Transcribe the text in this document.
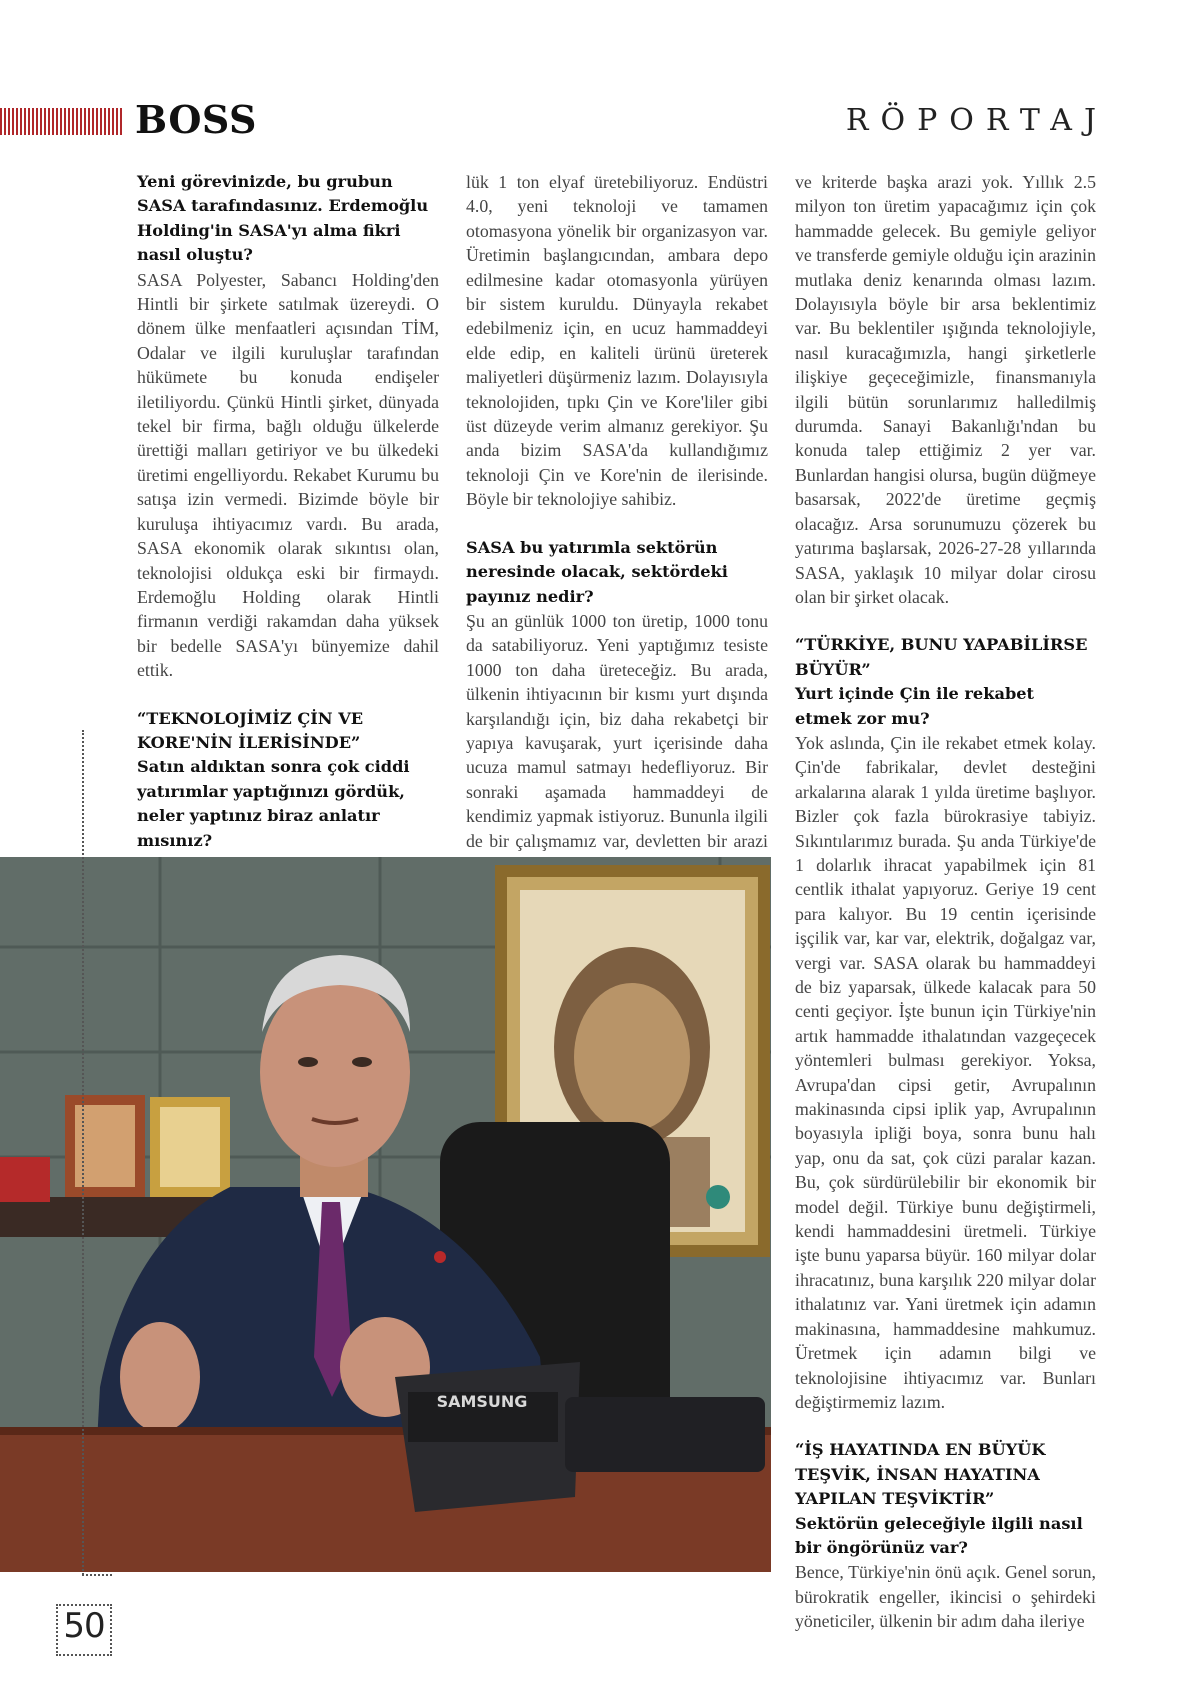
BOSS	RÖPORTAJ

Yeni görevinizde, bu grubun SASA tarafındasınız. Erdemoğlu Holding'in SASA'yı alma fikri nasıl oluştu?

SASA Polyester, Sabancı Holding'den Hintli bir şirkete satılmak üzereydi. O dönem ülke menfaatleri açısından TİM, Odalar ve ilgili kuruluşlar tarafından hükümete bu konuda endişeler iletiliyordu. Çünkü Hintli şirket, dünyada tekel bir firma, bağlı olduğu ülkelerde ürettiği malları getiriyor ve bu ülkedeki üretimi engelliyordu. Rekabet Kurumu bu satışa izin vermedi. Bizimde böyle bir kuruluşa ihtiyacımız vardı. Bu arada, SASA ekonomik olarak sıkıntısı olan, teknolojisi oldukça eski bir firmaydı. Erdemoğlu Holding olarak Hintli firmanın verdiği rakamdan daha yüksek bir bedelle SASA'yı bünyemize dahil ettik.

“TEKNOLOJİMİZ ÇİN VE KORE'NİN İLERİSİNDE”

Satın aldıktan sonra çok ciddi yatırımlar yaptığınızı gördük, neler yaptınız biraz anlatır mısınız?

lük 1 ton elyaf üretebiliyoruz. Endüstri 4.0, yeni teknoloji ve tamamen otomasyona yönelik bir organizasyon var. Üretimin başlangıcından, ambara depo edilmesine kadar otomasyonla yürüyen bir sistem kuruldu. Dünyayla rekabet edebilmeniz için, en ucuz hammaddeyi elde edip, en kaliteli ürünü üreterek maliyetleri düşürmeniz lazım. Dolayısıyla teknolojiden, tıpkı Çin ve Kore'liler gibi üst düzeyde verim almanız gerekiyor. Şu anda bizim SASA'da kullandığımız teknoloji Çin ve Kore'nin de ilerisinde. Böyle bir teknolojiye sahibiz.

SASA bu yatırımla sektörün neresinde olacak, sektördeki payınız nedir?

Şu an günlük 1000 ton üretip, 1000 tonu da satabiliyoruz. Yeni yaptığımız tesiste 1000 ton daha üreteceğiz. Bu arada, ülkenin ihtiyacının bir kısmı yurt dışında karşılandığı için, biz daha rekabetçi bir yapıya kavuşarak, yurt içerisinde daha ucuza mamul satmayı hedefliyoruz. Bir sonraki aşamada hammaddeyi de kendimiz yapmak istiyoruz. Bununla ilgili de bir çalışmamız var, devletten bir arazi

ve kriterde başka arazi yok. Yıllık 2.5 milyon ton üretim yapacağımız için çok hammadde gelecek. Bu gemiyle geliyor ve transferde gemiyle olduğu için arazinin mutlaka deniz kenarında olması lazım. Dolayısıyla böyle bir arsa beklentimiz var. Bu beklentiler ışığında teknolojiyle, nasıl kuracağımızla, hangi şirketlerle ilişkiye geçeceğimizle, finansmanıyla ilgili bütün sorunlarımız halledilmiş durumda. Sanayi Bakanlığı'ndan bu konuda talep ettiğimiz 2 yer var. Bunlardan hangisi olursa, bugün düğmeye basarsak, 2022'de üretime geçmiş olacağız. Arsa sorunumuzu çözerek bu yatırıma başlarsak, 2026-27-28 yıllarında SASA, yaklaşık 10 milyar dolar cirosu olan bir şirket olacak.

“TÜRKİYE, BUNU YAPABİLİRSE BÜYÜR”

Yurt içinde Çin ile rekabet etmek zor mu?

Yok aslında, Çin ile rekabet etmek kolay. Çin'de fabrikalar, devlet desteğini arkalarına alarak 1 yılda üretime başlıyor. Bizler çok fazla bürokrasiye tabiyiz. Sıkıntılarımız burada. Şu anda Türkiye'de 1 dolarlık ihracat yapabilmek için 81 centlik ithalat yapıyoruz. Geriye 19 cent para kalıyor. Bu 19 centin içerisinde işçilik var, kar var, elektrik, doğalgaz var, vergi var. SASA olarak bu hammaddeyi de biz yaparsak, ülkede kalacak para 50 centi geçiyor. İşte bunun için Türkiye'nin artık hammadde ithalatından vazgeçecek yöntemleri bulması gerekiyor. Yoksa, Avrupa'dan cipsi getir, Avrupalının makinasında cipsi iplik yap, Avrupalının boyasıyla ipliği boya, sonra bunu halı yap, onu da sat, çok cüzi paralar kazan. Bu, çok sürdürülebilir bir ekonomik bir model değil. Türkiye bunu değiştirmeli, kendi hammaddesini üretmeli. Türkiye işte bunu yaparsa büyür. 160 milyar dolar ihracatınız, buna karşılık 220 milyar dolar ithalatınız var. Yani üretmek için adamın makinasına, hammaddesine mahkumuz. Üretmek için adamın bilgi ve teknolojisine ihtiyacımız var. Bunları değiştirmemiz lazım.

“İŞ HAYATINDA EN BÜYÜK TEŞVİK, İNSAN HAYATINA YAPILAN TEŞVİKTİR”

Sektörün geleceğiyle ilgili nasıl bir öngörünüz var?

Bence, Türkiye'nin önü açık. Genel sorun, bürokratik engeller, ikincisi o şehirdeki yöneticiler, ülkenin bir adım daha ileriye

SAMSUNG
50
